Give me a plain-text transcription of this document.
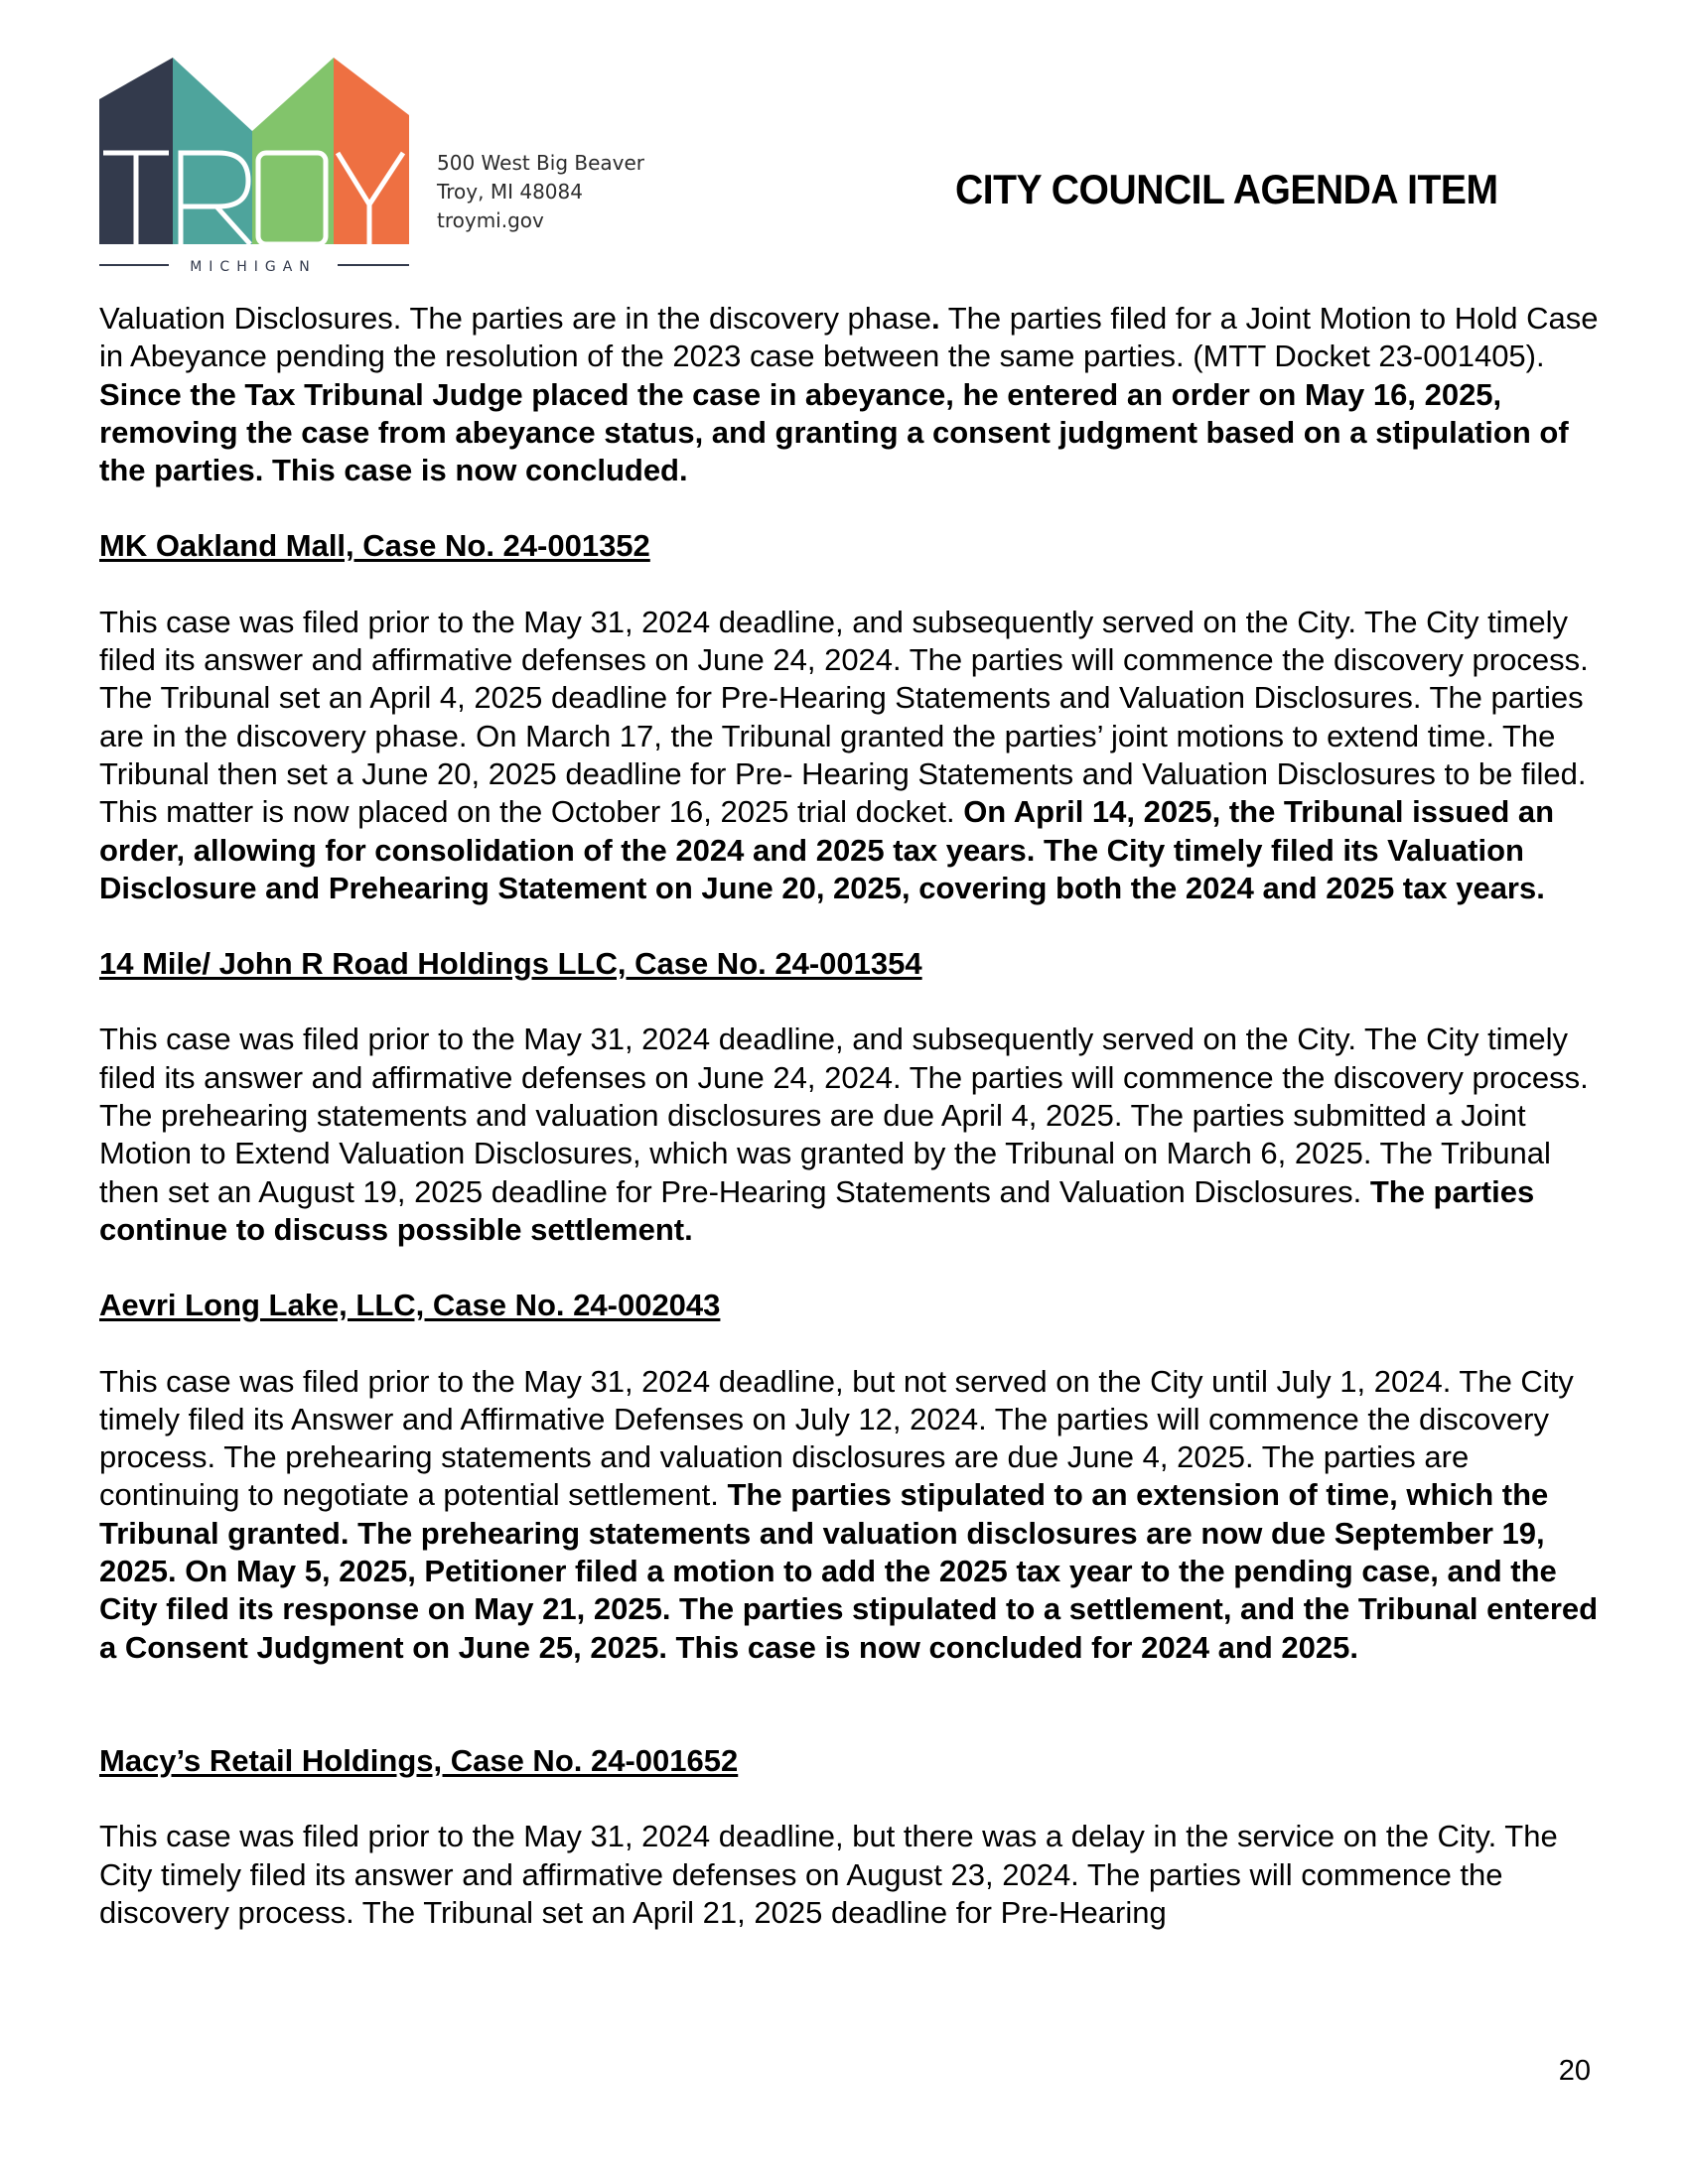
MICHIGAN
500 West Big Beaver
Troy, MI 48084
troymi.gov
CITY COUNCIL AGENDA ITEM

Valuation Disclosures. The parties are in the discovery phase. The parties filed for a Joint Motion to Hold Case in Abeyance pending the resolution of the 2023 case between the same parties. (MTT Docket 23-001405). Since the Tax Tribunal Judge placed the case in abeyance, he entered an order on May 16, 2025, removing the case from abeyance status, and granting a consent judgment based on a stipulation of the parties. This case is now concluded.

MK Oakland Mall, Case No. 24-001352

This case was filed prior to the May 31, 2024 deadline, and subsequently served on the City. The City timely filed its answer and affirmative defenses on June 24, 2024. The parties will commence the discovery process. The Tribunal set an April 4, 2025 deadline for Pre-Hearing Statements and Valuation Disclosures. The parties are in the discovery phase. On March 17, the Tribunal granted the parties’ joint motions to extend time. The Tribunal then set a June 20, 2025 deadline for Pre- Hearing Statements and Valuation Disclosures to be filed. This matter is now placed on the October 16, 2025 trial docket. On April 14, 2025, the Tribunal issued an order, allowing for consolidation of the 2024 and 2025 tax years. The City timely filed its Valuation Disclosure and Prehearing Statement on June 20, 2025, covering both the 2024 and 2025 tax years.

14 Mile/ John R Road Holdings LLC, Case No. 24-001354

This case was filed prior to the May 31, 2024 deadline, and subsequently served on the City. The City timely filed its answer and affirmative defenses on June 24, 2024. The parties will commence the discovery process. The prehearing statements and valuation disclosures are due April 4, 2025. The parties submitted a Joint Motion to Extend Valuation Disclosures, which was granted by the Tribunal on March 6, 2025. The Tribunal then set an August 19, 2025 deadline for Pre-Hearing Statements and Valuation Disclosures. The parties continue to discuss possible settlement.

Aevri Long Lake, LLC, Case No. 24-002043

This case was filed prior to the May 31, 2024 deadline, but not served on the City until July 1, 2024. The City timely filed its Answer and Affirmative Defenses on July 12, 2024. The parties will commence the discovery process. The prehearing statements and valuation disclosures are due June 4, 2025. The parties are continuing to negotiate a potential settlement. The parties stipulated to an extension of time, which the Tribunal granted. The prehearing statements and valuation disclosures are now due September 19, 2025. On May 5, 2025, Petitioner filed a motion to add the 2025 tax year to the pending case, and the City filed its response on May 21, 2025. The parties stipulated to a settlement, and the Tribunal entered a Consent Judgment on June 25, 2025. This case is now concluded for 2024 and 2025.

Macy’s Retail Holdings, Case No. 24-001652

This case was filed prior to the May 31, 2024 deadline, but there was a delay in the service on the City. The City timely filed its answer and affirmative defenses on August 23, 2024. The parties will commence the discovery process. The Tribunal set an April 21, 2025 deadline for Pre-Hearing

20
